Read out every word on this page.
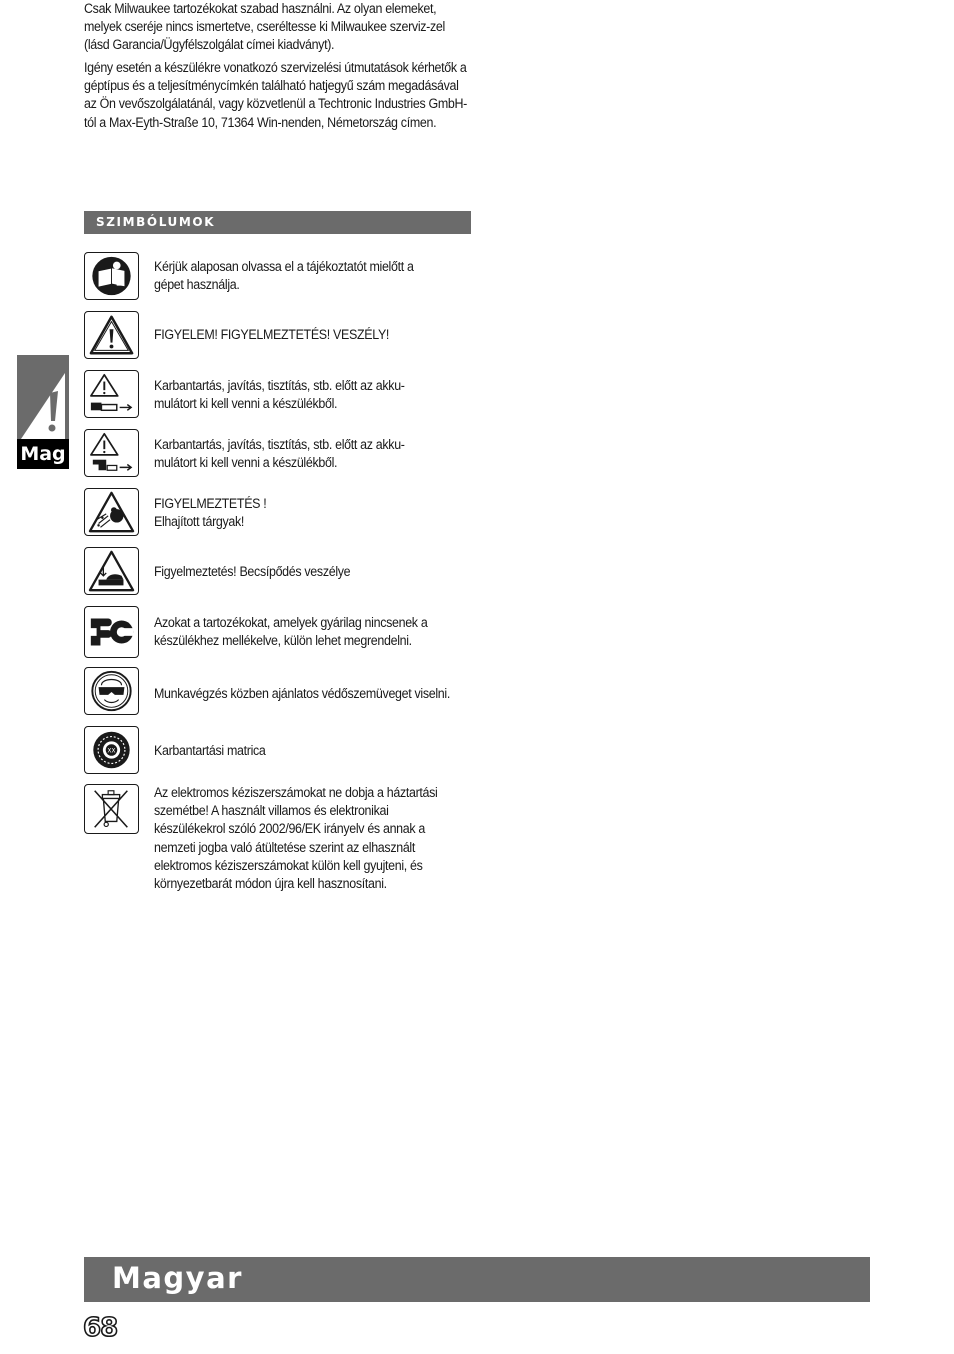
Csak Milwaukee tartozékokat szabad használni. Az olyan elemeket, melyek cseréje nincs ismertetve, cseréltesse ki Milwaukee szerviz-zel (lásd Garancia/Ügyfélszolgálat címei kiadványt).

Igény esetén a készülékre vonatkozó szervizelési útmutatások kérhetők a géptípus és a teljesítménycímkén található hatjegyű szám megadásával az Ön vevőszolgálatánál, vagy közvetlenül a Techtronic Industries GmbH-tól a Max-Eyth-Straße 10, 71364 Win-nenden, Németország címen.

SZIMBÓLUMOK
Kérjük alaposan olvassa el a tájékoztatót mielőtt a
gépet használja.
FIGYELEM! FIGYELMEZTETÉS! VESZÉLY!
Karbantartás, javítás, tisztítás, stb. előtt az akku-
mulátort ki kell venni a készülékből.
Karbantartás, javítás, tisztítás, stb. előtt az akku-
mulátort ki kell venni a készülékből.
FIGYELMEZTETÉS !
Elhajított tárgyak!
Figyelmeztetés! Becsípődés veszélye
Azokat a tartozékokat, amelyek gyárilag nincsenek a
készülékhez mellékelve, külön lehet megrendelni.
Munkavégzés közben ajánlatos védőszemüveget viselni.
XX	Karbantartási matrica
Az elektromos kéziszerszámokat ne dobja a háztartási
szemétbe! A használt villamos és elektronikai
készülékekrol szóló 2002/96/EK irányelv és annak a
nemzeti jogba való átültetése szerint az elhasznált
elektromos kéziszerszámokat külön kell gyujteni, és
környezetbarát módon újra kell hasznosítani.
Mag
Magyar
68
